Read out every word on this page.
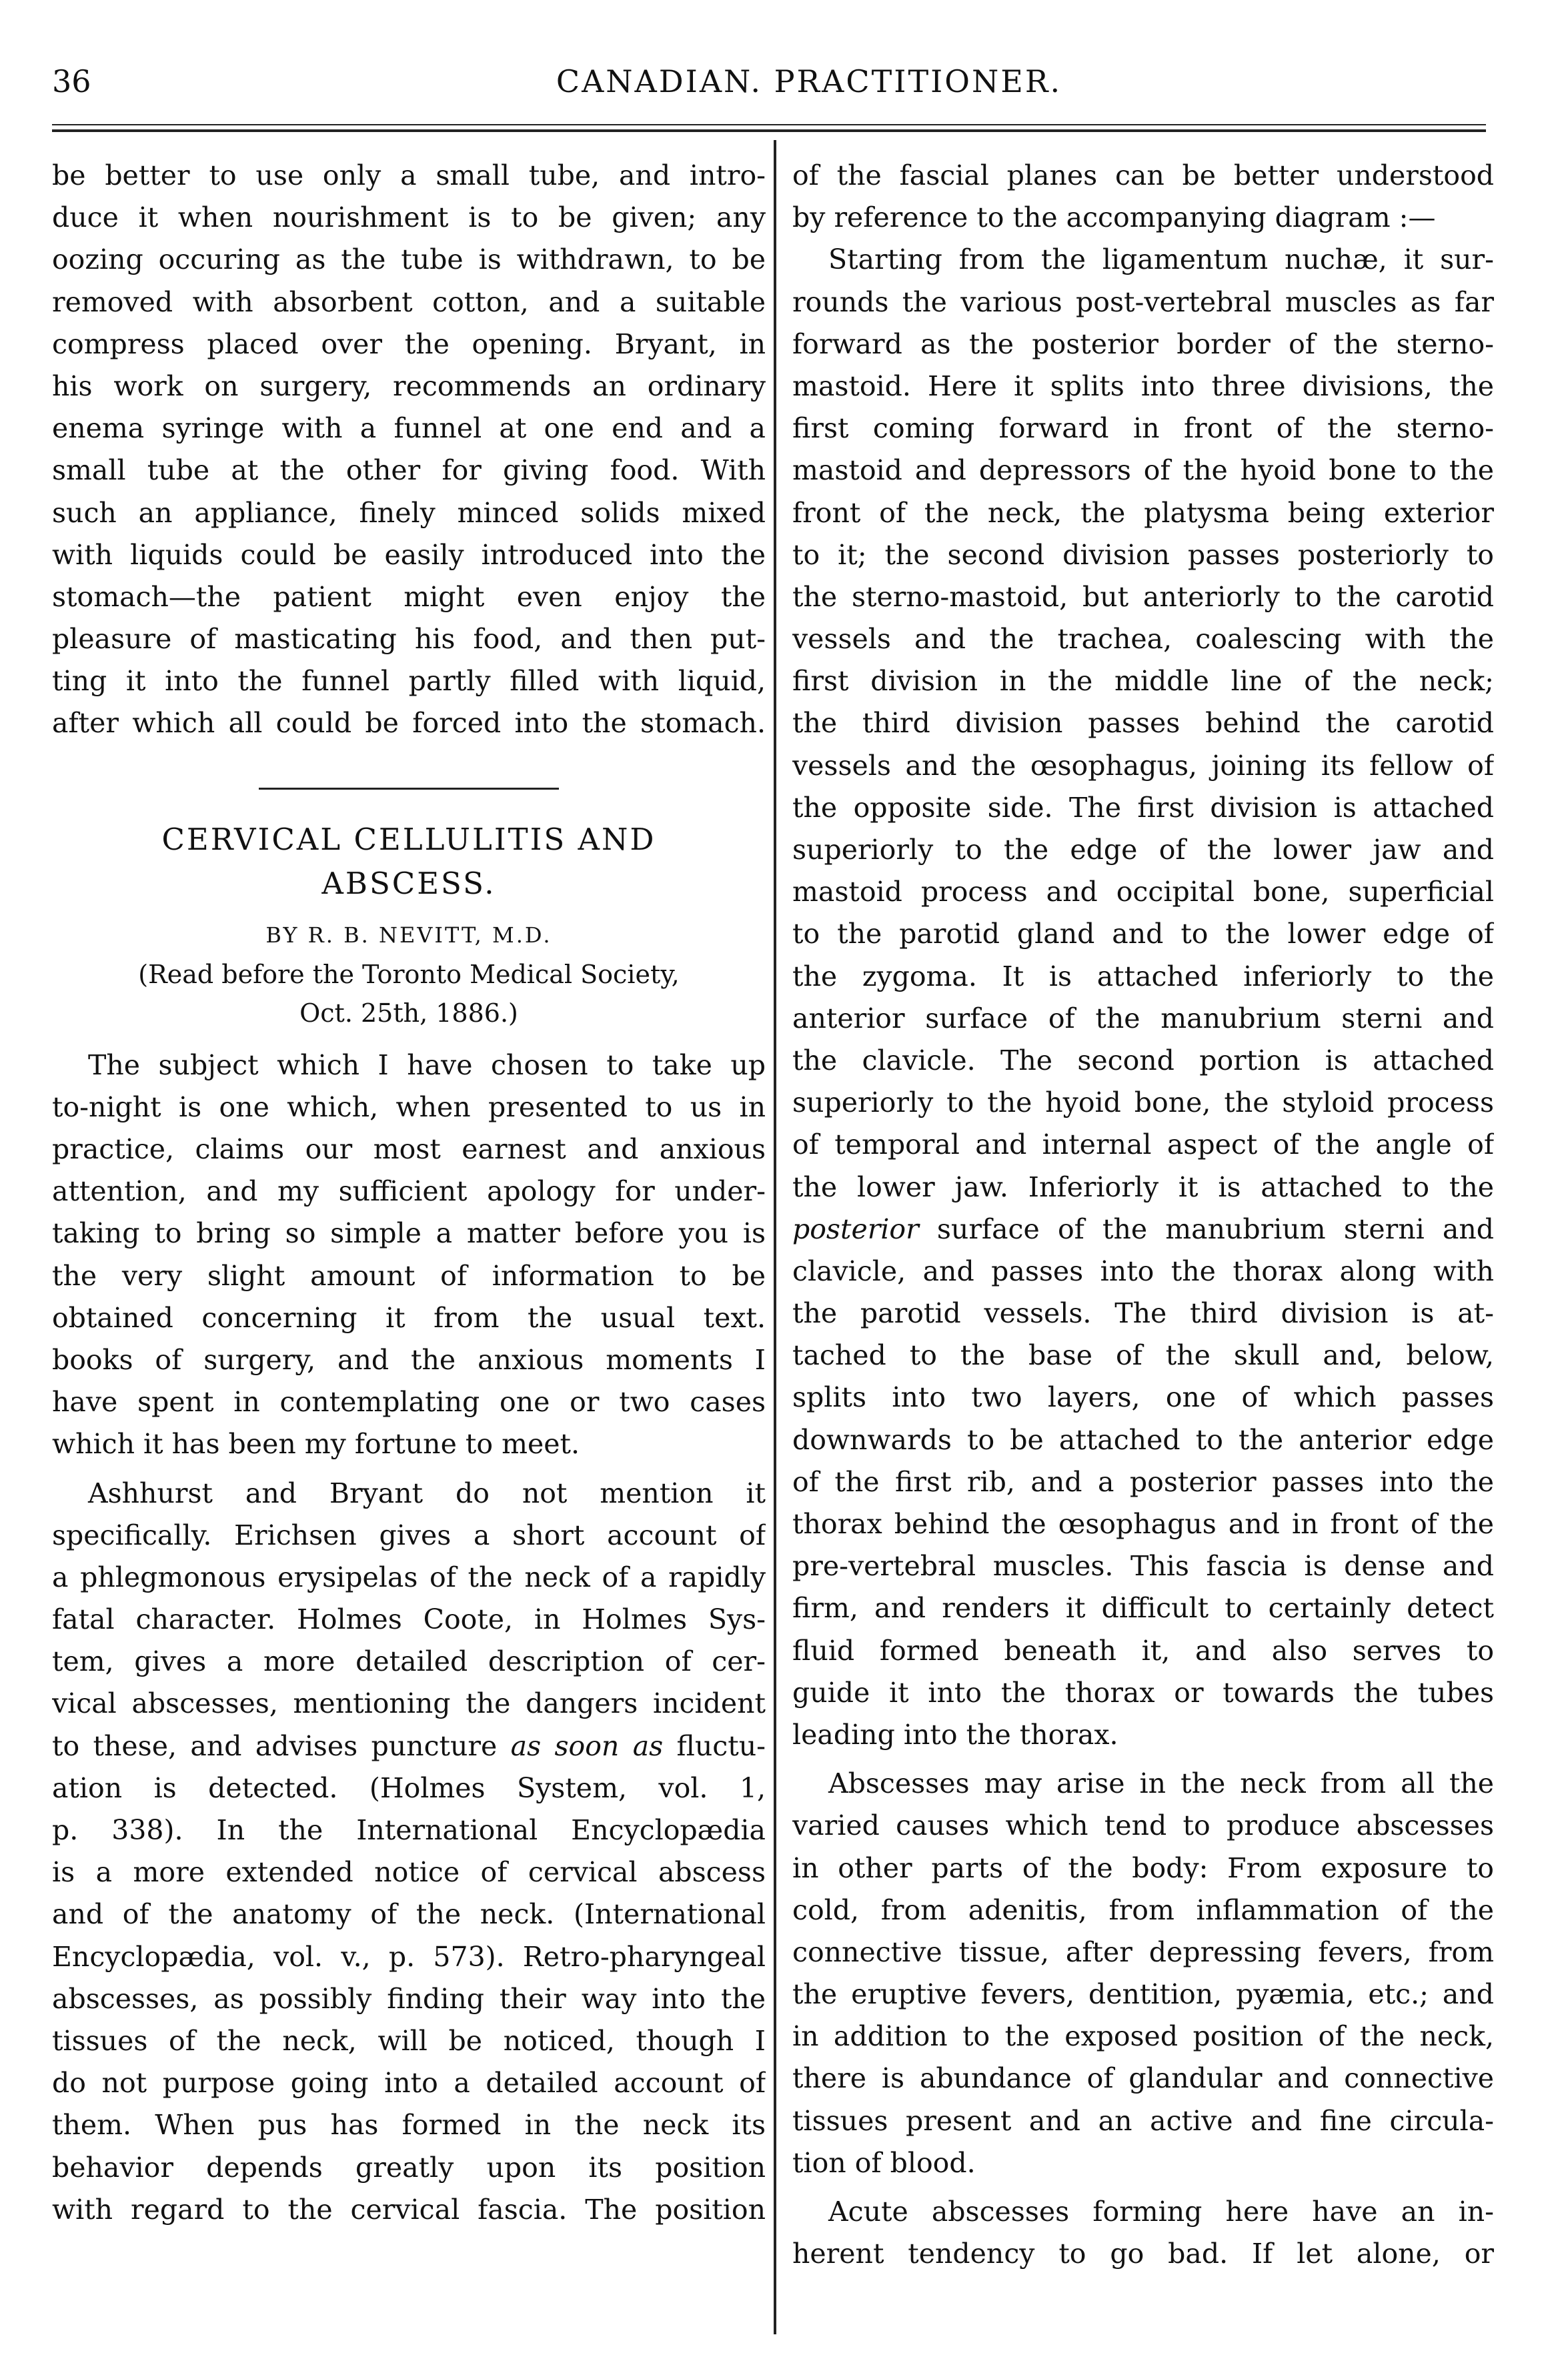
36	CANADIAN. PRACTITIONER.
be better to use only a small tube, and intro-
duce it when nourishment is to be given; any
oozing occuring as the tube is withdrawn, to be
removed with absorbent cotton, and a suitable
compress placed over the opening. Bryant, in
his work on surgery, recommends an ordinary
enema syringe with a funnel at one end and a
small tube at the other for giving food. With
such an appliance, finely minced solids mixed
with liquids could be easily introduced into the
stomach—the patient might even enjoy the
pleasure of masticating his food, and then put-
ting it into the funnel partly filled with liquid,
after which all could be forced into the stomach.
CERVICAL CELLULITIS AND
ABSCESS.
BY R. B. NEVITT, M.D.
(Read before the Toronto Medical Society,
Oct. 25th, 1886.)
The subject which I have chosen to take up
to-night is one which, when presented to us in
practice, claims our most earnest and anxious
attention, and my sufficient apology for under-
taking to bring so simple a matter before you is
the very slight amount of information to be
obtained concerning it from the usual text.
books of surgery, and the anxious moments I
have spent in contemplating one or two cases
which it has been my fortune to meet.
Ashhurst and Bryant do not mention it
specifically. Erichsen gives a short account of
a phlegmonous erysipelas of the neck of a rapidly
fatal character. Holmes Coote, in Holmes Sys-
tem, gives a more detailed description of cer-
vical abscesses, mentioning the dangers incident
to these, and advises puncture as soon as fluctu-
ation is detected. (Holmes System, vol. 1,
p. 338). In the International Encyclopædia
is a more extended notice of cervical abscess
and of the anatomy of the neck. (International
Encyclopædia, vol. v., p. 573). Retro-pharyngeal
abscesses, as possibly finding their way into the
tissues of the neck, will be noticed, though I
do not purpose going into a detailed account of
them. When pus has formed in the neck its
behavior depends greatly upon its position
with regard to the cervical fascia. The position
of the fascial planes can be better understood
by reference to the accompanying diagram :—
Starting from the ligamentum nuchæ, it sur-
rounds the various post-vertebral muscles as far
forward as the posterior border of the sterno-
mastoid. Here it splits into three divisions, the
first coming forward in front of the sterno-
mastoid and depressors of the hyoid bone to the
front of the neck, the platysma being exterior
to it; the second division passes posteriorly to
the sterno-mastoid, but anteriorly to the carotid
vessels and the trachea, coalescing with the
first division in the middle line of the neck;
the third division passes behind the carotid
vessels and the œsophagus, joining its fellow of
the opposite side. The first division is attached
superiorly to the edge of the lower jaw and
mastoid process and occipital bone, superficial
to the parotid gland and to the lower edge of
the zygoma. It is attached inferiorly to the
anterior surface of the manubrium sterni and
the clavicle. The second portion is attached
superiorly to the hyoid bone, the styloid process
of temporal and internal aspect of the angle of
the lower jaw. Inferiorly it is attached to the
posterior surface of the manubrium sterni and
clavicle, and passes into the thorax along with
the parotid vessels. The third division is at-
tached to the base of the skull and, below,
splits into two layers, one of which passes
downwards to be attached to the anterior edge
of the first rib, and a posterior passes into the
thorax behind the œsophagus and in front of the
pre-vertebral muscles. This fascia is dense and
firm, and renders it difficult to certainly detect
fluid formed beneath it, and also serves to
guide it into the thorax or towards the tubes
leading into the thorax.
Abscesses may arise in the neck from all the
varied causes which tend to produce abscesses
in other parts of the body: From exposure to
cold, from adenitis, from inflammation of the
connective tissue, after depressing fevers, from
the eruptive fevers, dentition, pyæmia, etc.; and
in addition to the exposed position of the neck,
there is abundance of glandular and connective
tissues present and an active and fine circula-
tion of blood.
Acute abscesses forming here have an in-
herent tendency to go bad. If let alone, or
